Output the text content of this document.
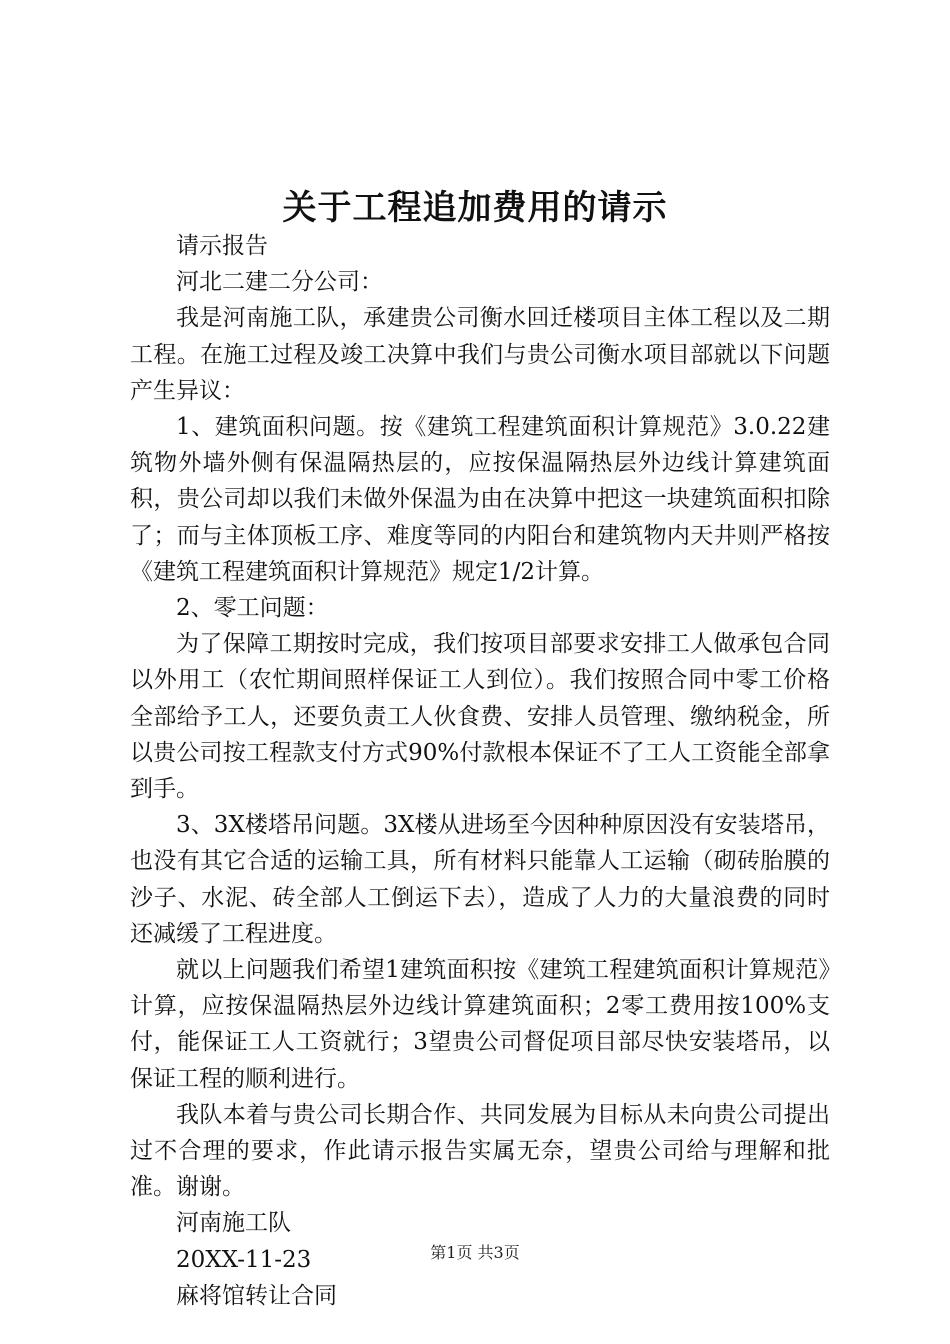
关于工程追加费用的请示

请示报告

河北二建二分公司：

我是河南施工队，承建贵公司衡水回迁楼项目主体工程以及二期工程。在施工过程及竣工决算中我们与贵公司衡水项目部就以下问题产生异议：

1、建筑面积问题。按《建筑工程建筑面积计算规范》3.0.22建筑物外墙外侧有保温隔热层的，应按保温隔热层外边线计算建筑面积，贵公司却以我们未做外保温为由在决算中把这一块建筑面积扣除了；而与主体顶板工序、难度等同的内阳台和建筑物内天井则严格按《建筑工程建筑面积计算规范》规定1/2计算。

2、零工问题：

为了保障工期按时完成，我们按项目部要求安排工人做承包合同以外用工（农忙期间照样保证工人到位）。我们按照合同中零工价格全部给予工人，还要负责工人伙食费、安排人员管理、缴纳税金，所以贵公司按工程款支付方式90%付款根本保证不了工人工资能全部拿到手。

3、3X楼塔吊问题。3X楼从进场至今因种种原因没有安装塔吊，也没有其它合适的运输工具，所有材料只能靠人工运输（砌砖胎膜的沙子、水泥、砖全部人工倒运下去），造成了人力的大量浪费的同时还减缓了工程进度。

就以上问题我们希望1建筑面积按《建筑工程建筑面积计算规范》计算，应按保温隔热层外边线计算建筑面积；2零工费用按100%支付，能保证工人工资就行；3望贵公司督促项目部尽快安装塔吊，以保证工程的顺利进行。

我队本着与贵公司长期合作、共同发展为目标从未向贵公司提出过不合理的要求，作此请示报告实属无奈，望贵公司给与理解和批准。谢谢。

河南施工队

20XX-11-23

麻将馆转让合同

第1页 共3页
